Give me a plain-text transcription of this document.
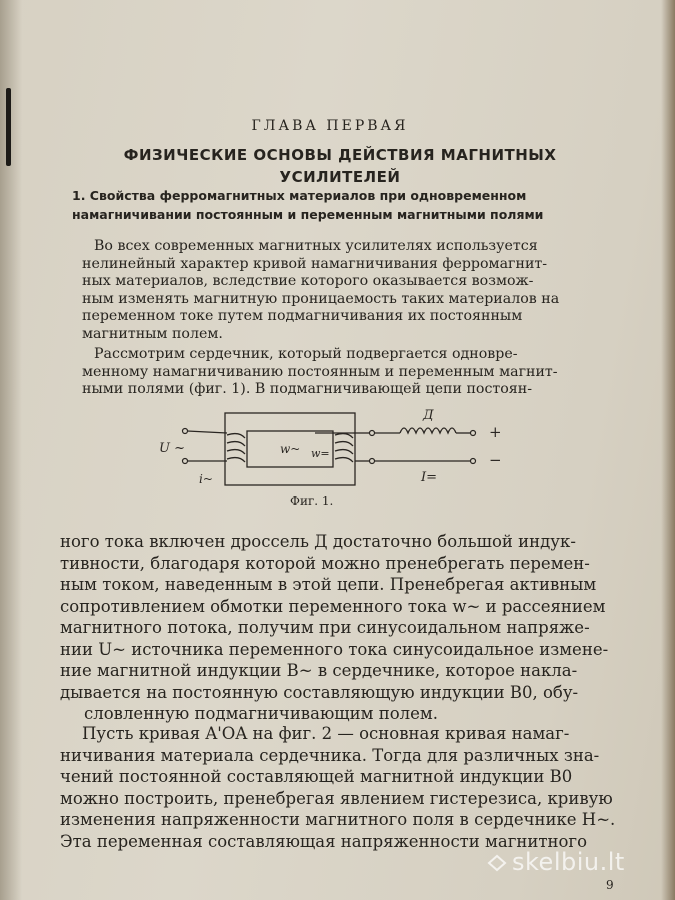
ГЛАВА ПЕРВАЯ
ФИЗИЧЕСКИЕ ОСНОВЫ ДЕЙСТВИЯ МАГНИТНЫХ
УСИЛИТЕЛЕЙ
1. Свойства ферромагнитных материалов при одновременном
намагничивании постоянным и переменным магнитными полями
Во всех современных магнитных усилителях используется
нелинейный характер кривой намагничивания ферромагнит-
ных материалов, вследствие которого оказывается возмож-
ным изменять магнитную проницаемость таких материалов на
переменном токе путем подмагничивания их постоянным
магнитным полем.
Рассмотрим сердечник, который подвергается одновре-
менному намагничиванию постоянным и переменным магнит-
ными полями (фиг. 1). В подмагничивающей цепи постоян-
U ~
i~
w~ w=
Д
I=
+
−
Фиг. 1.
ного тока включен дроссель Д достаточно большой индук-
тивности, благодаря которой можно пренебрегать перемен-
ным током, наведенным в этой цепи. Пренебрегая активным
сопротивлением обмотки переменного тока w~ и рассеянием
магнитного потока, получим при синусоидальном напряже-
нии U~ источника переменного тока синусоидальное измене-
ние магнитной индукции B~ в сердечнике, которое накла-
дывается на постоянную составляющую индукции B0, обу-
словленную подмагничивающим полем.
Пусть кривая A'OA на фиг. 2 — основная кривая намаг-
ничивания материала сердечника. Тогда для различных зна-
чений постоянной составляющей магнитной индукции B0
можно построить, пренебрегая явлением гистерезиса, кривую
изменения напряженности магнитного поля в сердечнике H~.
Эта переменная составляющая напряженности магнитного
9
skelbiu.lt
